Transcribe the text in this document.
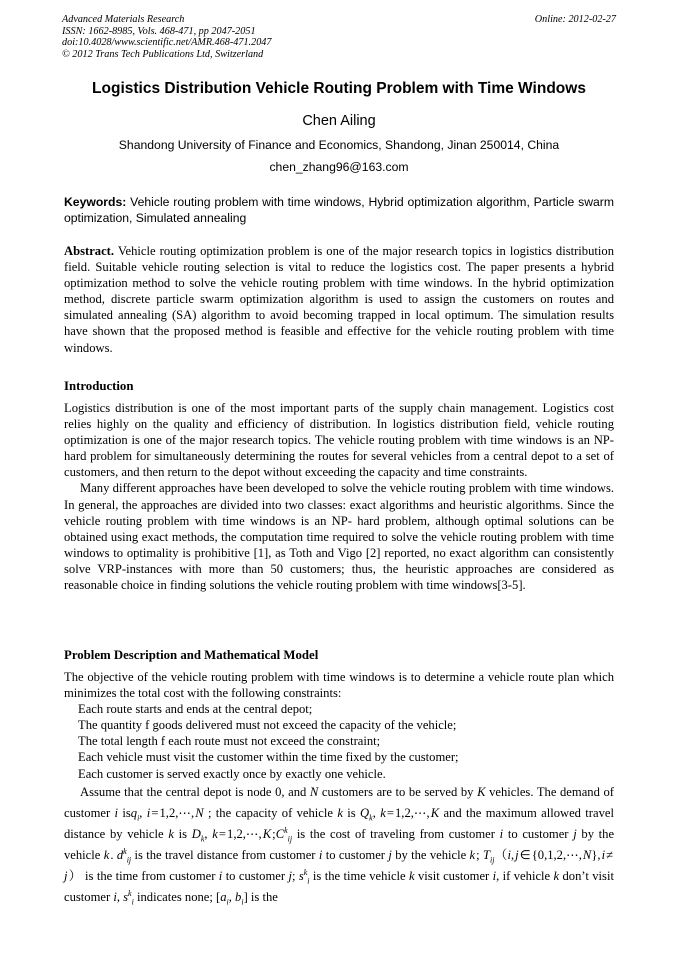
Advanced Materials Research
ISSN: 1662-8985, Vols. 468-471, pp 2047-2051
doi:10.4028/www.scientific.net/AMR.468-471.2047
© 2012 Trans Tech Publications Ltd, Switzerland
Online: 2012-02-27
Logistics Distribution Vehicle Routing Problem with Time Windows
Chen Ailing
Shandong University of Finance and Economics, Shandong, Jinan 250014, China
chen_zhang96@163.com
Keywords: Vehicle routing problem with time windows, Hybrid optimization algorithm, Particle swarm optimization, Simulated annealing

Abstract. Vehicle routing optimization problem is one of the major research topics in logistics distribution field. Suitable vehicle routing selection is vital to reduce the logistics cost. The paper presents a hybrid optimization method to solve the vehicle routing problem with time windows. In the hybrid optimization method, discrete particle swarm optimization algorithm is used to assign the customers on routes and simulated annealing (SA) algorithm to avoid becoming trapped in local optimum. The simulation results have shown that the proposed method is feasible and effective for the vehicle routing problem with time windows.

Introduction

Logistics distribution is one of the most important parts of the supply chain management. Logistics cost relies highly on the quality and efficiency of distribution. In logistics distribution field, vehicle routing optimization is one of the major research topics. The vehicle routing problem with time windows is an NP-hard problem for simultaneously determining the routes for several vehicles from a central depot to a set of customers, and then return to the depot without exceeding the capacity and time constraints.

Many different approaches have been developed to solve the vehicle routing problem with time windows. In general, the approaches are divided into two classes: exact algorithms and heuristic algorithms. Since the vehicle routing problem with time windows is an NP- hard problem, although optimal solutions can be obtained using exact methods, the computation time required to solve the vehicle routing problem with time windows to optimality is prohibitive [1], as Toth and Vigo [2] reported, no exact algorithm can consistently solve VRP-instances with more than 50 customers; thus, the heuristic approaches are considered as reasonable choice in finding solutions the vehicle routing problem with time windows[3-5].

Problem Description and Mathematical Model

The objective of the vehicle routing problem with time windows is to determine a vehicle route plan which minimizes the total cost with the following constraints:

Each route starts and ends at the central depot;

The quantity f goods delivered must not exceed the capacity of the vehicle;

The total length f each route must not exceed the constraint;

Each vehicle must visit the customer within the time fixed by the customer;

Each customer is served exactly once by exactly one vehicle.

Assume that the central depot is node 0, and N customers are to be served by K vehicles. The demand of customer i isq$_i$, i = 1,2,⋯, N ; the capacity of vehicle k is $Q_k$, k = 1,2,⋯, K and the maximum allowed travel distance by vehicle k is $D_k$, k = 1,2,⋯, K $;C^k_{ij}$ is the cost of traveling from customer i to customer j by the vehicle k . $d^k_{ij}$ is the travel distance from customer i to customer j by the vehicle k ; $T_{ij}(i$, j ∈ {0,1,2,⋯, N}, i ≠ j ） is the time from customer i to customer j; $s^k_i$ is the time vehicle k visit customer i, if vehicle k don’t visit customer i, $s^k_i$ indicates none; [$a_i$, $b_i$] is the
